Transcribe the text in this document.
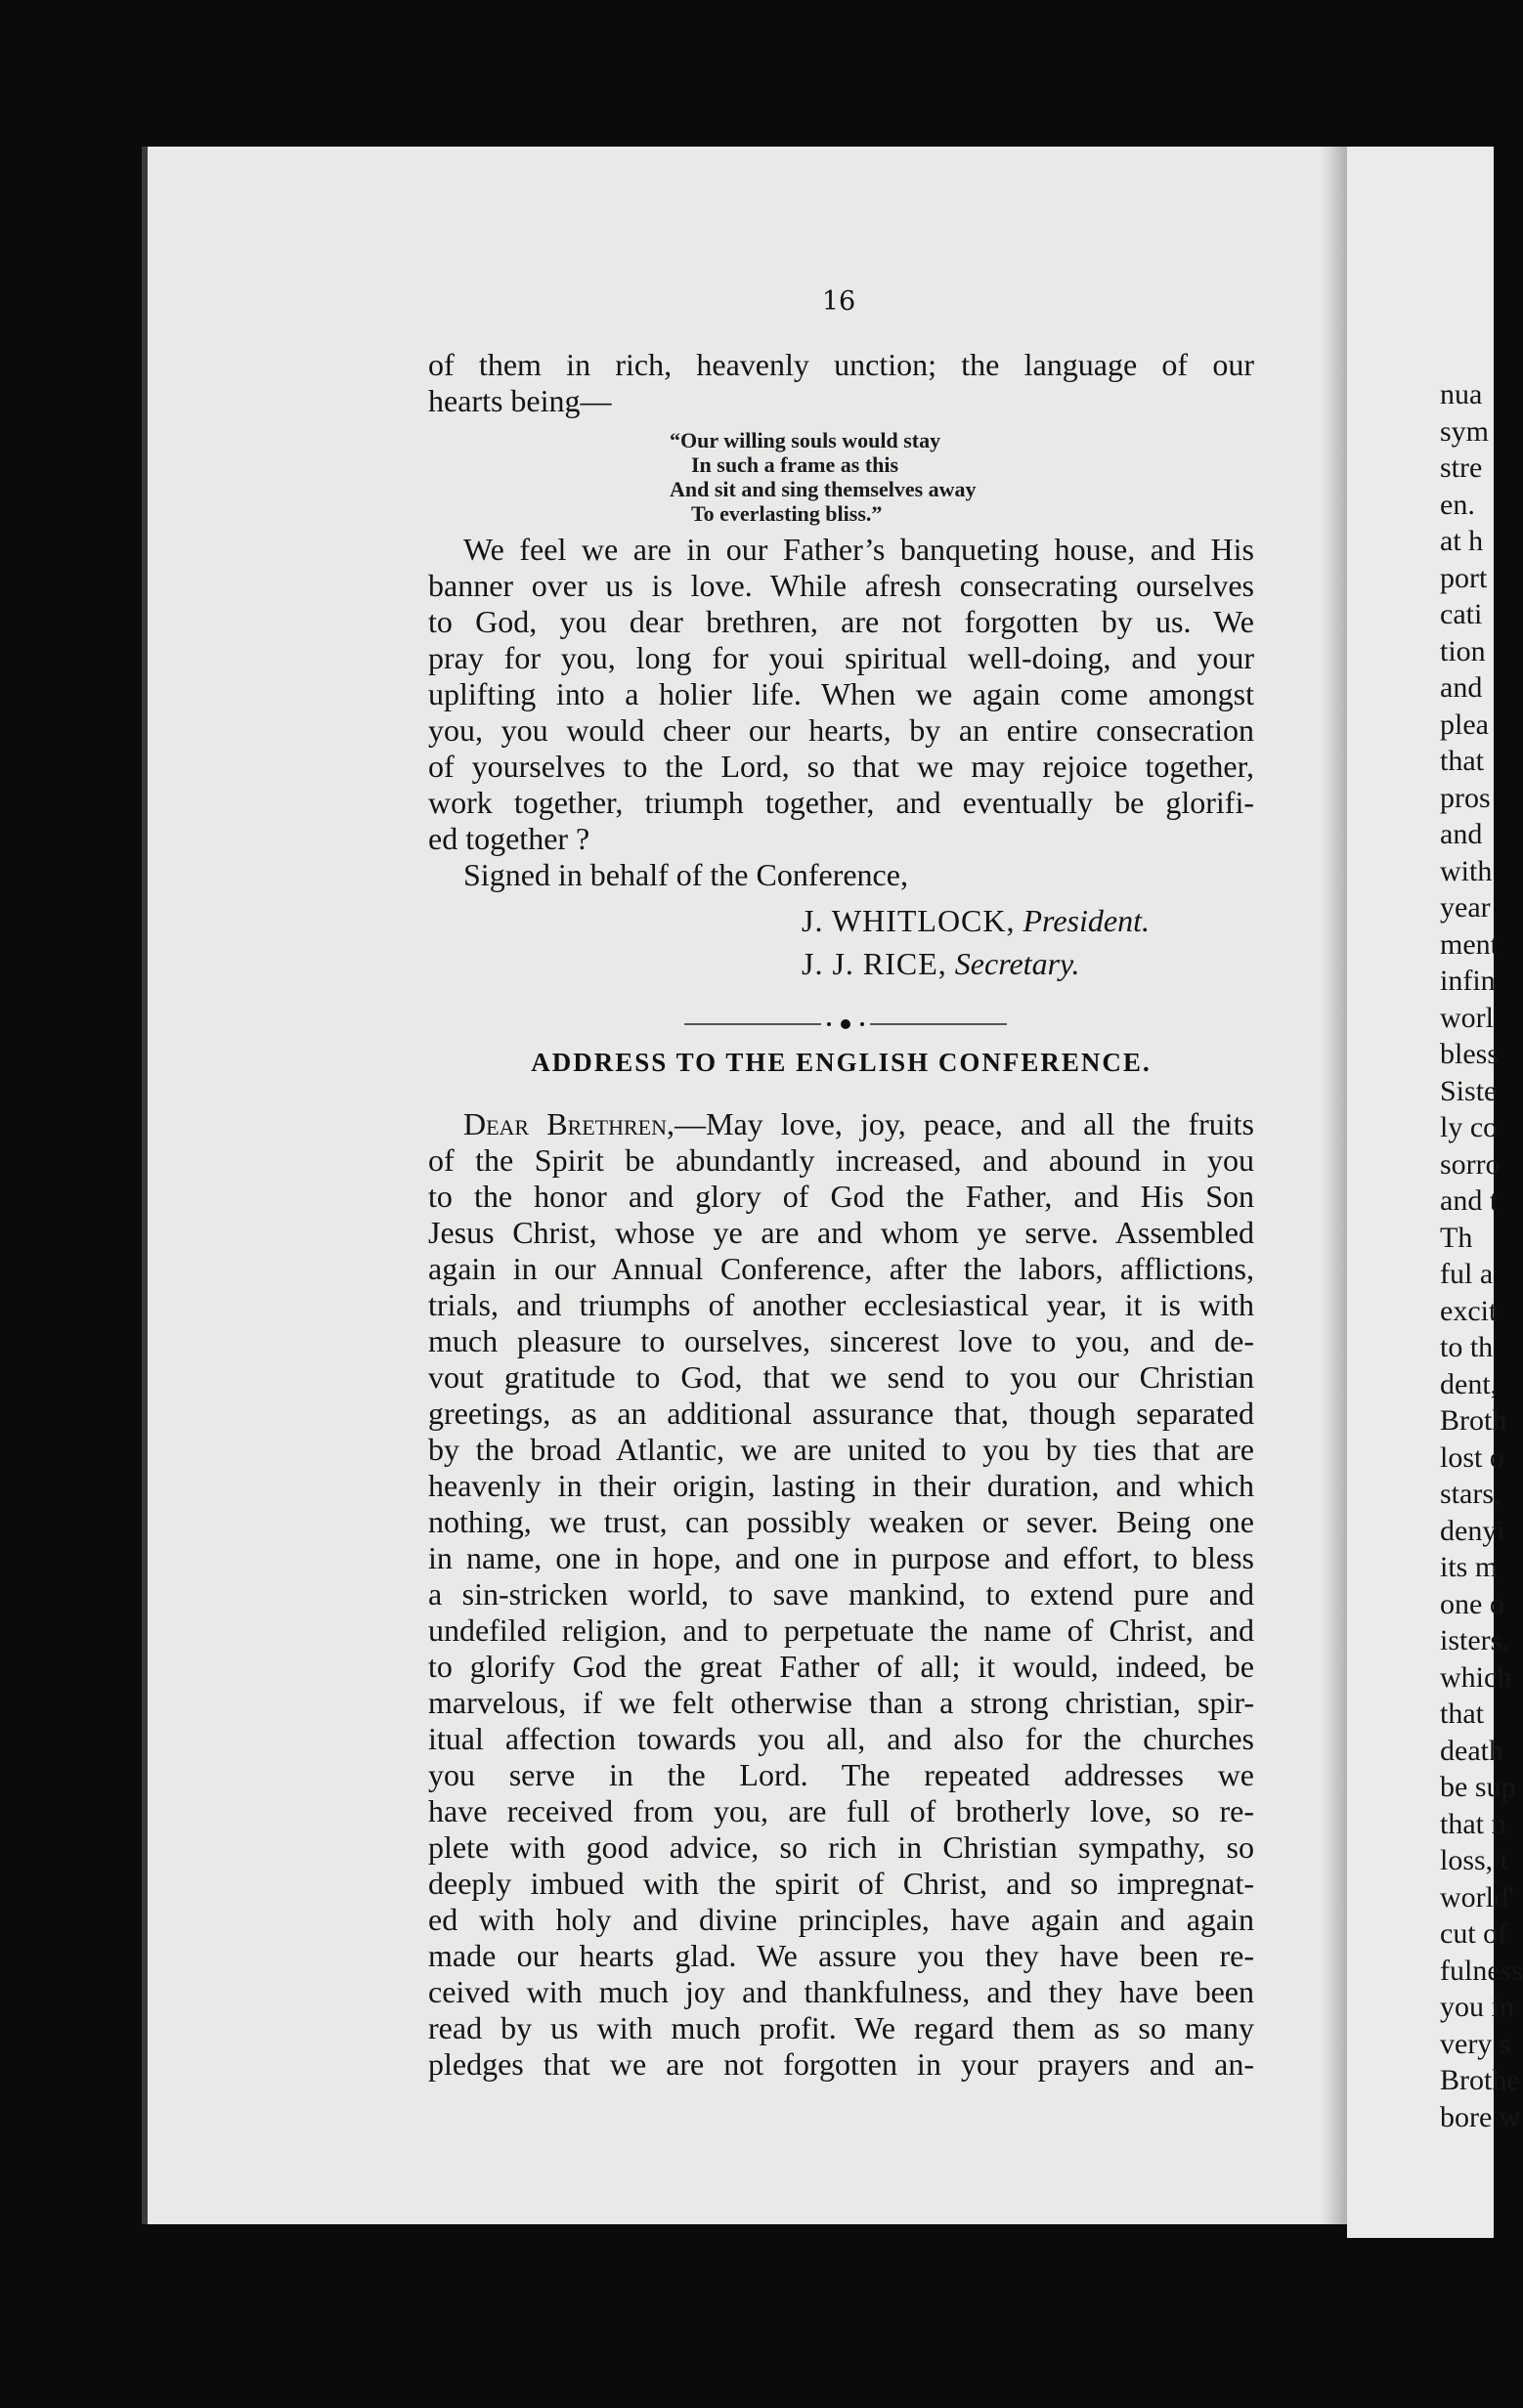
16
of them in rich, heavenly unction; the language of our
hearts being—
“Our willing souls would stay
In such a frame as this
And sit and sing themselves away
To everlasting bliss.”
We feel we are in our Father’s banqueting house, and His
banner over us is love. While afresh consecrating ourselves
to God, you dear brethren, are not forgotten by us. We
pray for you, long for youi spiritual well-doing, and your
uplifting into a holier life. When we again come amongst
you, you would cheer our hearts, by an entire consecration
of yourselves to the Lord, so that we may rejoice together,
work together, triumph together, and eventually be glorifi-
ed together ?
Signed in behalf of the Conference,
J. WHITLOCK, President.
J. J. RICE, Secretary.
ADDRESS TO THE ENGLISH CONFERENCE.
Dear Brethren,—May love, joy, peace, and all the fruits
of the Spirit be abundantly increased, and abound in you
to the honor and glory of God the Father, and His Son
Jesus Christ, whose ye are and whom ye serve. Assembled
again in our Annual Conference, after the labors, afflictions,
trials, and triumphs of another ecclesiastical year, it is with
much pleasure to ourselves, sincerest love to you, and de-
vout gratitude to God, that we send to you our Christian
greetings, as an additional assurance that, though separated
by the broad Atlantic, we are united to you by ties that are
heavenly in their origin, lasting in their duration, and which
nothing, we trust, can possibly weaken or sever. Being one
in name, one in hope, and one in purpose and effort, to bless
a sin-stricken world, to save mankind, to extend pure and
undefiled religion, and to perpetuate the name of Christ, and
to glorify God the great Father of all; it would, indeed, be
marvelous, if we felt otherwise than a strong christian, spir-
itual affection towards you all, and also for the churches
you serve in the Lord. The repeated addresses we
have received from you, are full of brotherly love, so re-
plete with good advice, so rich in Christian sympathy, so
deeply imbued with the spirit of Christ, and so impregnat-
ed with holy and divine principles, have again and again
made our hearts glad. We assure you they have been re-
ceived with much joy and thankfulness, and they have been
read by us with much profit. We regard them as so many
pledges that we are not forgotten in your prayers and an-
nua
sym
stre
en.
at h
port
cati
tion
and
plea
that
pros
and
with
year
ment
infin
worl
bless
Siste
ly co
sorro
and t
Th
ful a
excit
to th
dent,
Broth
lost o
stars,
denyi
its m
one o
isters.
which
that
death
be sup
that n
loss, t
world'
cut of
fulness
you in
very s
Brothe
bore w
